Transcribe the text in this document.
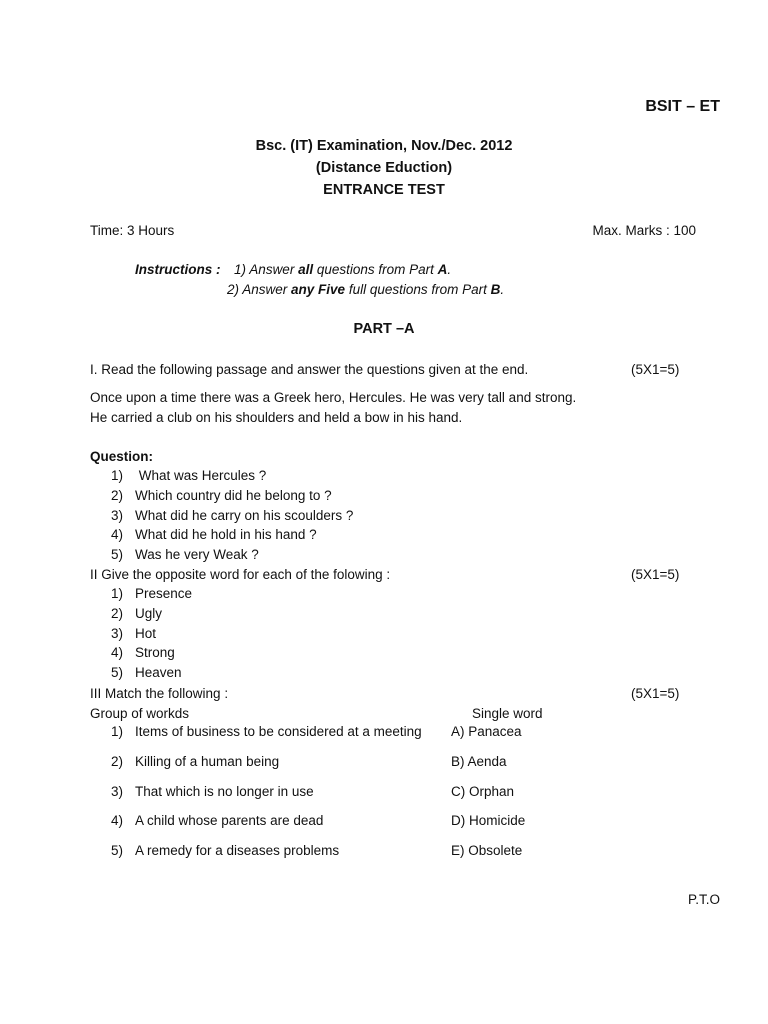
BSIT – ET
Bsc. (IT) Examination, Nov./Dec. 2012
(Distance Eduction)
ENTRANCE TEST
Time: 3 Hours	Max. Marks : 100
Instructions : 1) Answer all questions from Part A.
2) Answer any Five full questions from Part B.
PART –A
I. Read the following passage and answer the questions given at the end.	(5X1=5)
Once upon a time there was a Greek hero, Hercules. He was very tall and strong.
He carried a club on his shoulders and held a bow in his hand.
Question:
1) What was Hercules ?
2) Which country did he belong to ?
3) What did he carry on his scoulders ?
4) What did he hold in his hand ?
5) Was he very Weak ?
II Give the opposite word for each of the folowing :	(5X1=5)
1) Presence
2) Ugly
3) Hot
4) Strong
5) Heaven
III Match the following :	(5X1=5)
Group of workds	Single word
1) Items of business to be considered at a meeting A) Panacea
2) Killing of a human being	B) Aenda
3) That which is no longer in use	C) Orphan
4) A child whose parents are dead	D) Homicide
5) A remedy for a diseases problems	E) Obsolete
P.T.O
